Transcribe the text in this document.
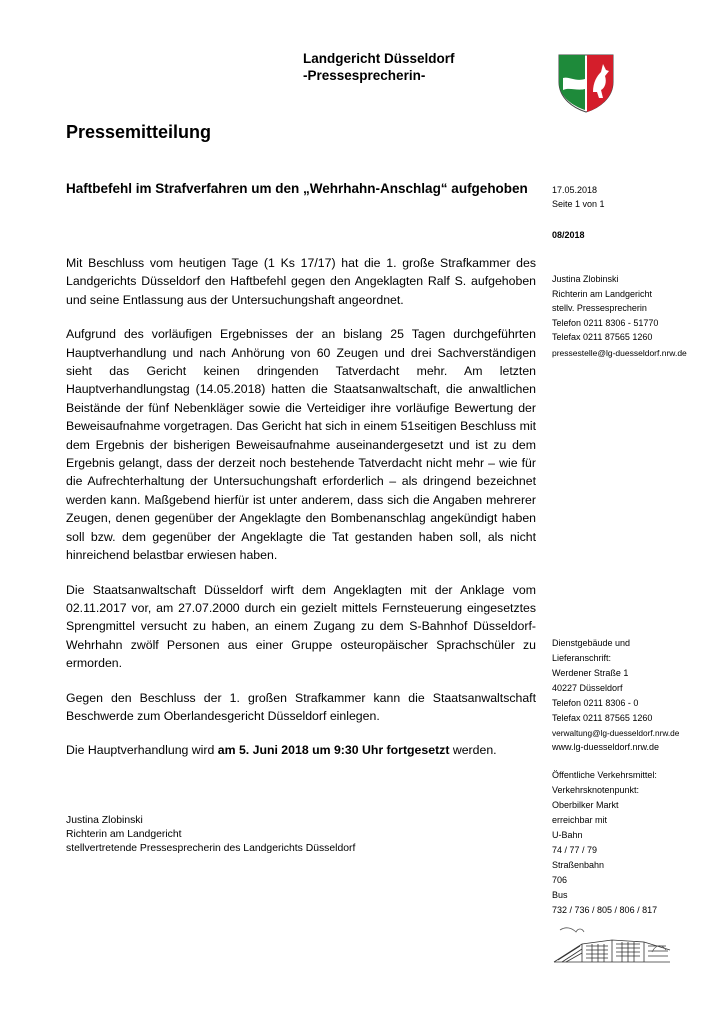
Landgericht Düsseldorf
-Pressesprecherin-
Pressemitteilung
Haftbefehl im Strafverfahren um den „Wehrhahn-Anschlag“ aufgehoben	17.05.2018
Seite 1 von 1
08/2018
Justina Zlobinski
Richterin am Landgericht
stellv. Pressesprecherin
Telefon 0211 8306 - 51770
Telefax 0211 87565 1260
pressestelle@lg-duesseldorf.nrw.de
Dienstgebäude und
Lieferanschrift:
Werdener Straße 1
40227 Düsseldorf
Telefon 0211 8306 - 0
Telefax 0211 87565 1260
verwaltung@lg-duesseldorf.nrw.de
www.lg-duesseldorf.nrw.de
Öffentliche Verkehrsmittel:
Verkehrsknotenpunkt:
Oberbilker Markt
erreichbar mit
U-Bahn
74 / 77 / 79
Straßenbahn
706
Bus
732 / 736 / 805 / 806 / 817

Mit Beschluss vom heutigen Tage (1 Ks 17/17) hat die 1. große Strafkammer des Landgerichts Düsseldorf den Haftbefehl gegen den Angeklagten Ralf S. aufgehoben und seine Entlassung aus der Untersuchungshaft angeordnet.

Aufgrund des vorläufigen Ergebnisses der an bislang 25 Tagen durchgeführten Hauptverhandlung und nach Anhörung von 60 Zeugen und drei Sachverständigen sieht das Gericht keinen dringenden Tatverdacht mehr. Am letzten Hauptverhandlungstag (14.05.2018) hatten die Staatsanwaltschaft, die anwaltlichen Beistände der fünf Nebenkläger sowie die Verteidiger ihre vorläufige Bewertung der Beweisaufnahme vorgetragen. Das Gericht hat sich in einem 51seitigen Beschluss mit dem Ergebnis der bisherigen Beweisaufnahme auseinandergesetzt und ist zu dem Ergebnis gelangt, dass der derzeit noch bestehende Tatverdacht nicht mehr – wie für die Aufrechterhaltung der Untersuchungshaft erforderlich – als dringend bezeichnet werden kann. Maßgebend hierfür ist unter anderem, dass sich die Angaben mehrerer Zeugen, denen gegenüber der Angeklagte den Bombenanschlag angekündigt haben soll bzw. dem gegenüber der Angeklagte die Tat gestanden haben soll, als nicht hinreichend belastbar erwiesen haben.

Die Staatsanwaltschaft Düsseldorf wirft dem Angeklagten mit der Anklage vom 02.11.2017 vor, am 27.07.2000 durch ein gezielt mittels Fernsteuerung eingesetztes Sprengmittel versucht zu haben, an einem Zugang zu dem S-Bahnhof Düsseldorf-Wehrhahn zwölf Personen aus einer Gruppe osteuropäischer Sprachschüler zu ermorden.

Gegen den Beschluss der 1. großen Strafkammer kann die Staatsanwaltschaft Beschwerde zum Oberlandesgericht Düsseldorf einlegen.

Die Hauptverhandlung wird am 5. Juni 2018 um 9:30 Uhr fortgesetzt werden.

Justina Zlobinski
Richterin am Landgericht
stellvertretende Pressesprecherin des Landgerichts Düsseldorf
